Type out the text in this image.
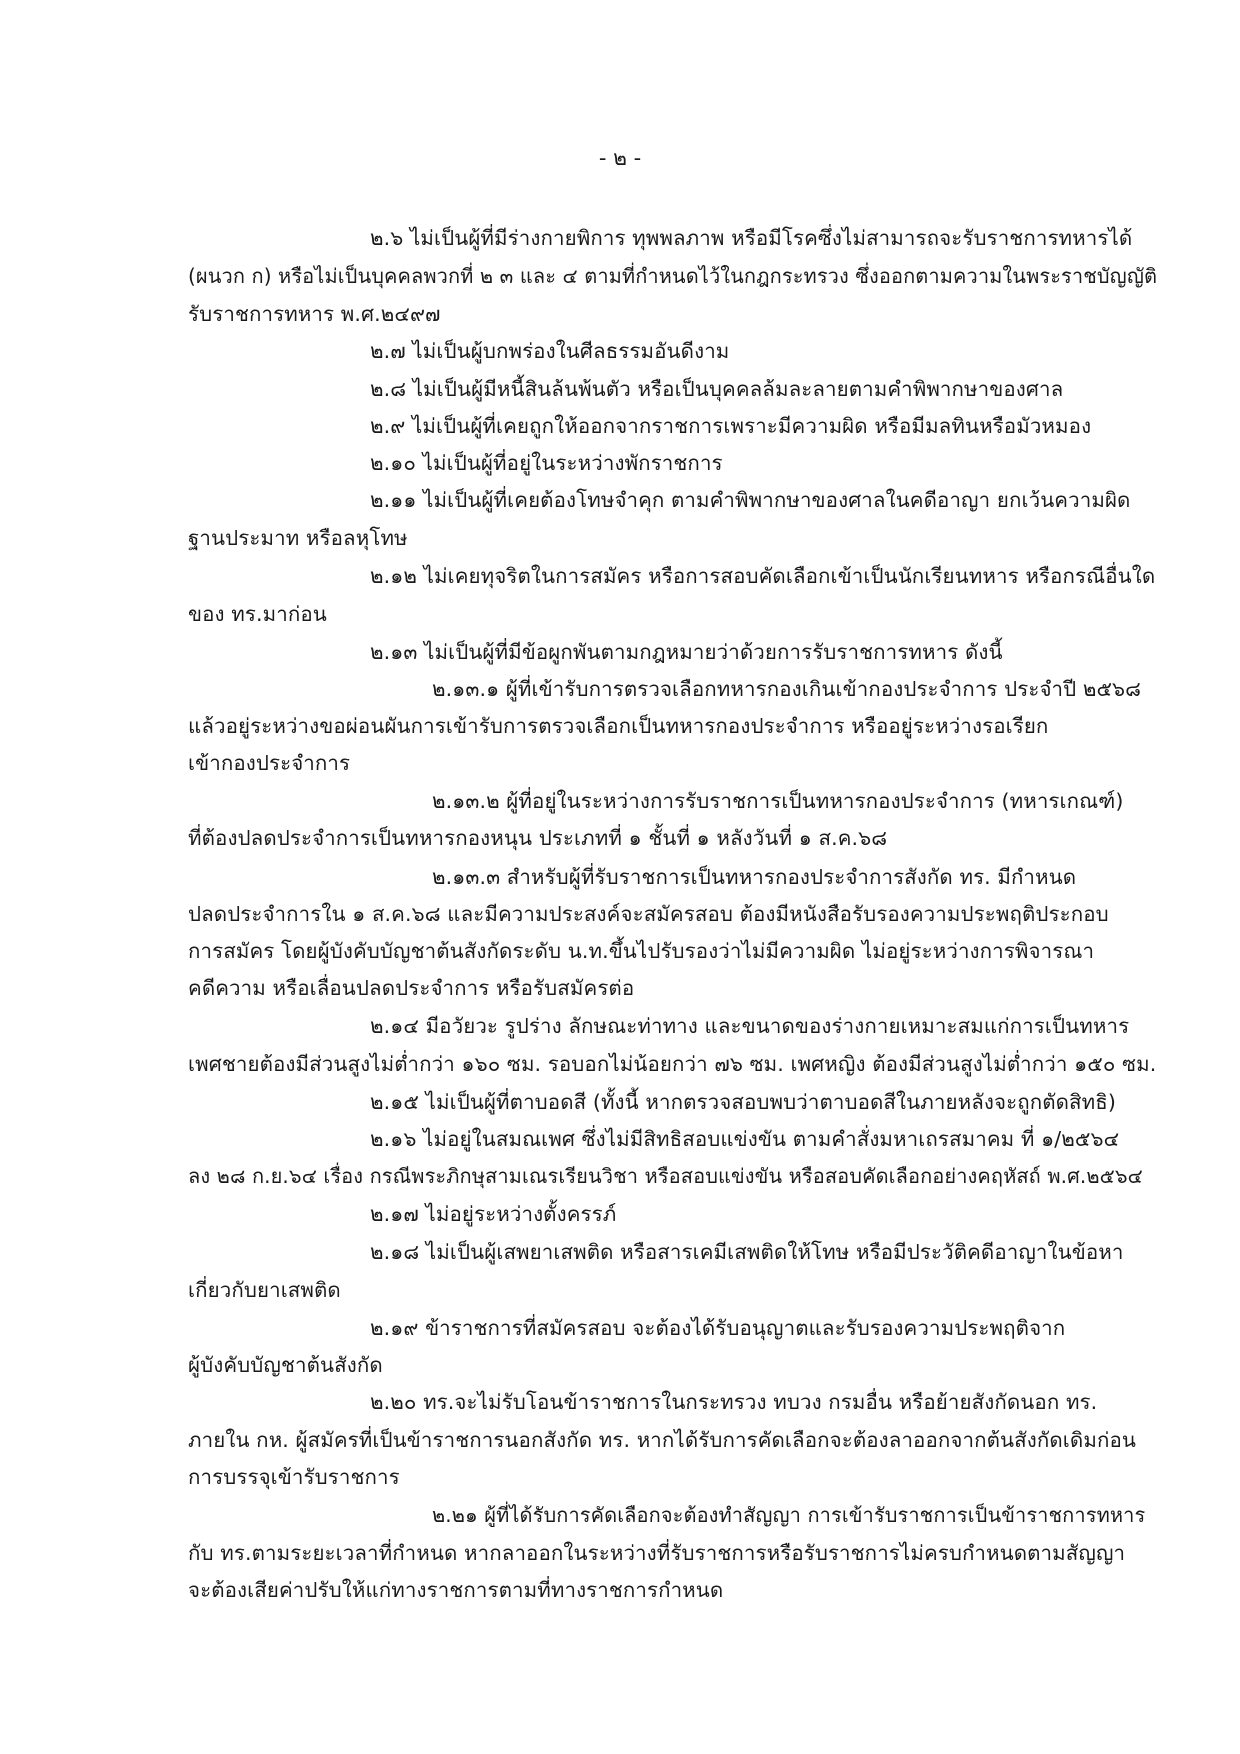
- ๒ -
๒.๖ ไม่เป็นผู้ที่มีร่างกายพิการ ทุพพลภาพ หรือมีโรคซึ่งไม่สามารถจะรับราชการทหารได้
(ผนวก ก) หรือไม่เป็นบุคคลพวกที่ ๒ ๓ และ ๔ ตามที่กำหนดไว้ในกฎกระทรวง ซึ่งออกตามความในพระราชบัญญัติ
รับราชการทหาร พ.ศ.๒๔๙๗
๒.๗ ไม่เป็นผู้บกพร่องในศีลธรรมอันดีงาม
๒.๘ ไม่เป็นผู้มีหนี้สินล้นพ้นตัว หรือเป็นบุคคลล้มละลายตามคำพิพากษาของศาล
๒.๙ ไม่เป็นผู้ที่เคยถูกให้ออกจากราชการเพราะมีความผิด หรือมีมลทินหรือมัวหมอง
๒.๑๐ ไม่เป็นผู้ที่อยู่ในระหว่างพักราชการ
๒.๑๑ ไม่เป็นผู้ที่เคยต้องโทษจำคุก ตามคำพิพากษาของศาลในคดีอาญา ยกเว้นความผิด
ฐานประมาท หรือลหุโทษ
๒.๑๒ ไม่เคยทุจริตในการสมัคร หรือการสอบคัดเลือกเข้าเป็นนักเรียนทหาร หรือกรณีอื่นใด
ของ ทร.มาก่อน
๒.๑๓ ไม่เป็นผู้ที่มีข้อผูกพันตามกฎหมายว่าด้วยการรับราชการทหาร ดังนี้
๒.๑๓.๑ ผู้ที่เข้ารับการตรวจเลือกทหารกองเกินเข้ากองประจำการ ประจำปี ๒๕๖๘
แล้วอยู่ระหว่างขอผ่อนผันการเข้ารับการตรวจเลือกเป็นทหารกองประจำการ หรืออยู่ระหว่างรอเรียก
เข้ากองประจำการ
๒.๑๓.๒ ผู้ที่อยู่ในระหว่างการรับราชการเป็นทหารกองประจำการ (ทหารเกณฑ์)
ที่ต้องปลดประจำการเป็นทหารกองหนุน ประเภทที่ ๑ ชั้นที่ ๑ หลังวันที่ ๑ ส.ค.๖๘
๒.๑๓.๓ สำหรับผู้ที่รับราชการเป็นทหารกองประจำการสังกัด ทร. มีกำหนด
ปลดประจำการใน ๑ ส.ค.๖๘ และมีความประสงค์จะสมัครสอบ ต้องมีหนังสือรับรองความประพฤติประกอบ
การสมัคร โดยผู้บังคับบัญชาต้นสังกัดระดับ น.ท.ขึ้นไปรับรองว่าไม่มีความผิด ไม่อยู่ระหว่างการพิจารณา
คดีความ หรือเลื่อนปลดประจำการ หรือรับสมัครต่อ
๒.๑๔ มีอวัยวะ รูปร่าง ลักษณะท่าทาง และขนาดของร่างกายเหมาะสมแก่การเป็นทหาร
เพศชายต้องมีส่วนสูงไม่ต่ำกว่า ๑๖๐ ซม. รอบอกไม่น้อยกว่า ๗๖ ซม. เพศหญิง ต้องมีส่วนสูงไม่ต่ำกว่า ๑๕๐ ซม.
๒.๑๕ ไม่เป็นผู้ที่ตาบอดสี (ทั้งนี้ หากตรวจสอบพบว่าตาบอดสีในภายหลังจะถูกตัดสิทธิ)
๒.๑๖ ไม่อยู่ในสมณเพศ ซึ่งไม่มีสิทธิสอบแข่งขัน ตามคำสั่งมหาเถรสมาคม ที่ ๑/๒๕๖๔
ลง ๒๘ ก.ย.๖๔ เรื่อง กรณีพระภิกษุสามเณรเรียนวิชา หรือสอบแข่งขัน หรือสอบคัดเลือกอย่างคฤหัสถ์ พ.ศ.๒๕๖๔
๒.๑๗ ไม่อยู่ระหว่างตั้งครรภ์
๒.๑๘ ไม่เป็นผู้เสพยาเสพติด หรือสารเคมีเสพติดให้โทษ หรือมีประวัติคดีอาญาในข้อหา
เกี่ยวกับยาเสพติด
๒.๑๙ ข้าราชการที่สมัครสอบ จะต้องได้รับอนุญาตและรับรองความประพฤติจาก
ผู้บังคับบัญชาต้นสังกัด
๒.๒๐ ทร.จะไม่รับโอนข้าราชการในกระทรวง ทบวง กรมอื่น หรือย้ายสังกัดนอก ทร.
ภายใน กห. ผู้สมัครที่เป็นข้าราชการนอกสังกัด ทร. หากได้รับการคัดเลือกจะต้องลาออกจากต้นสังกัดเดิมก่อน
การบรรจุเข้ารับราชการ
๒.๒๑ ผู้ที่ได้รับการคัดเลือกจะต้องทำสัญญา การเข้ารับราชการเป็นข้าราชการทหาร
กับ ทร.ตามระยะเวลาที่กำหนด หากลาออกในระหว่างที่รับราชการหรือรับราชการไม่ครบกำหนดตามสัญญา
จะต้องเสียค่าปรับให้แก่ทางราชการตามที่ทางราชการกำหนด
